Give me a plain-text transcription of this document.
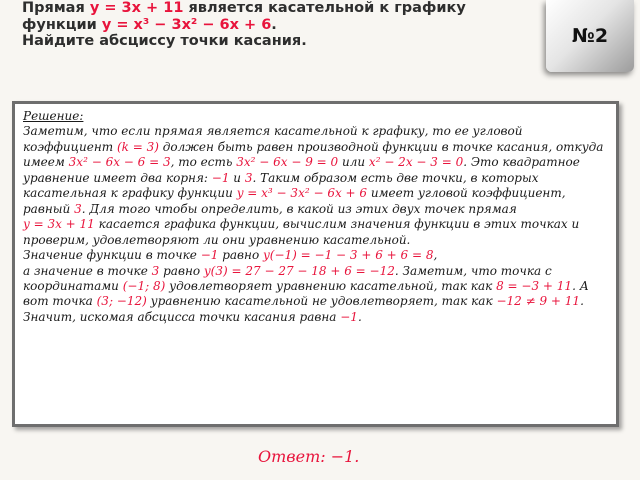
Прямая y = 3x + 11 является касательной к графику функции y = x³ − 3x² − 6x + 6.
Найдите абсциссу точки касания.	№2
Решение:
Заметим, что если прямая является касательной к графику, то ее угловой коэффициент (k = 3) должен быть равен производной функции в точке касания, откуда имеем 3x² − 6x − 6 = 3, то есть 3x² − 6x − 9 = 0 или x² − 2x − 3 = 0. Это квадратное уравнение имеет два корня: −1 и 3. Таким образом есть две точки, в которых касательная к графику функции y = x³ − 3x² − 6x + 6 имеет угловой коэффициент, равный 3. Для того чтобы определить, в какой из этих двух точек прямая
y = 3x + 11 касается графика функции, вычислим значения функции в этих точках и проверим, удовлетворяют ли они уравнению касательной.
Значение функции в точке −1 равно y(−1) = −1 − 3 + 6 + 6 = 8,
а значение в точке 3 равно y(3) = 27 − 27 − 18 + 6 = −12. Заметим, что точка с координатами (−1; 8) удовлетворяет уравнению касательной, так как 8 = −3 + 11. А вот точка (3; −12) уравнению касательной не удовлетворяет, так как −12 ≠ 9 + 11.
Значит, искомая абсцисса точки касания равна −1.
Ответ: −1.
